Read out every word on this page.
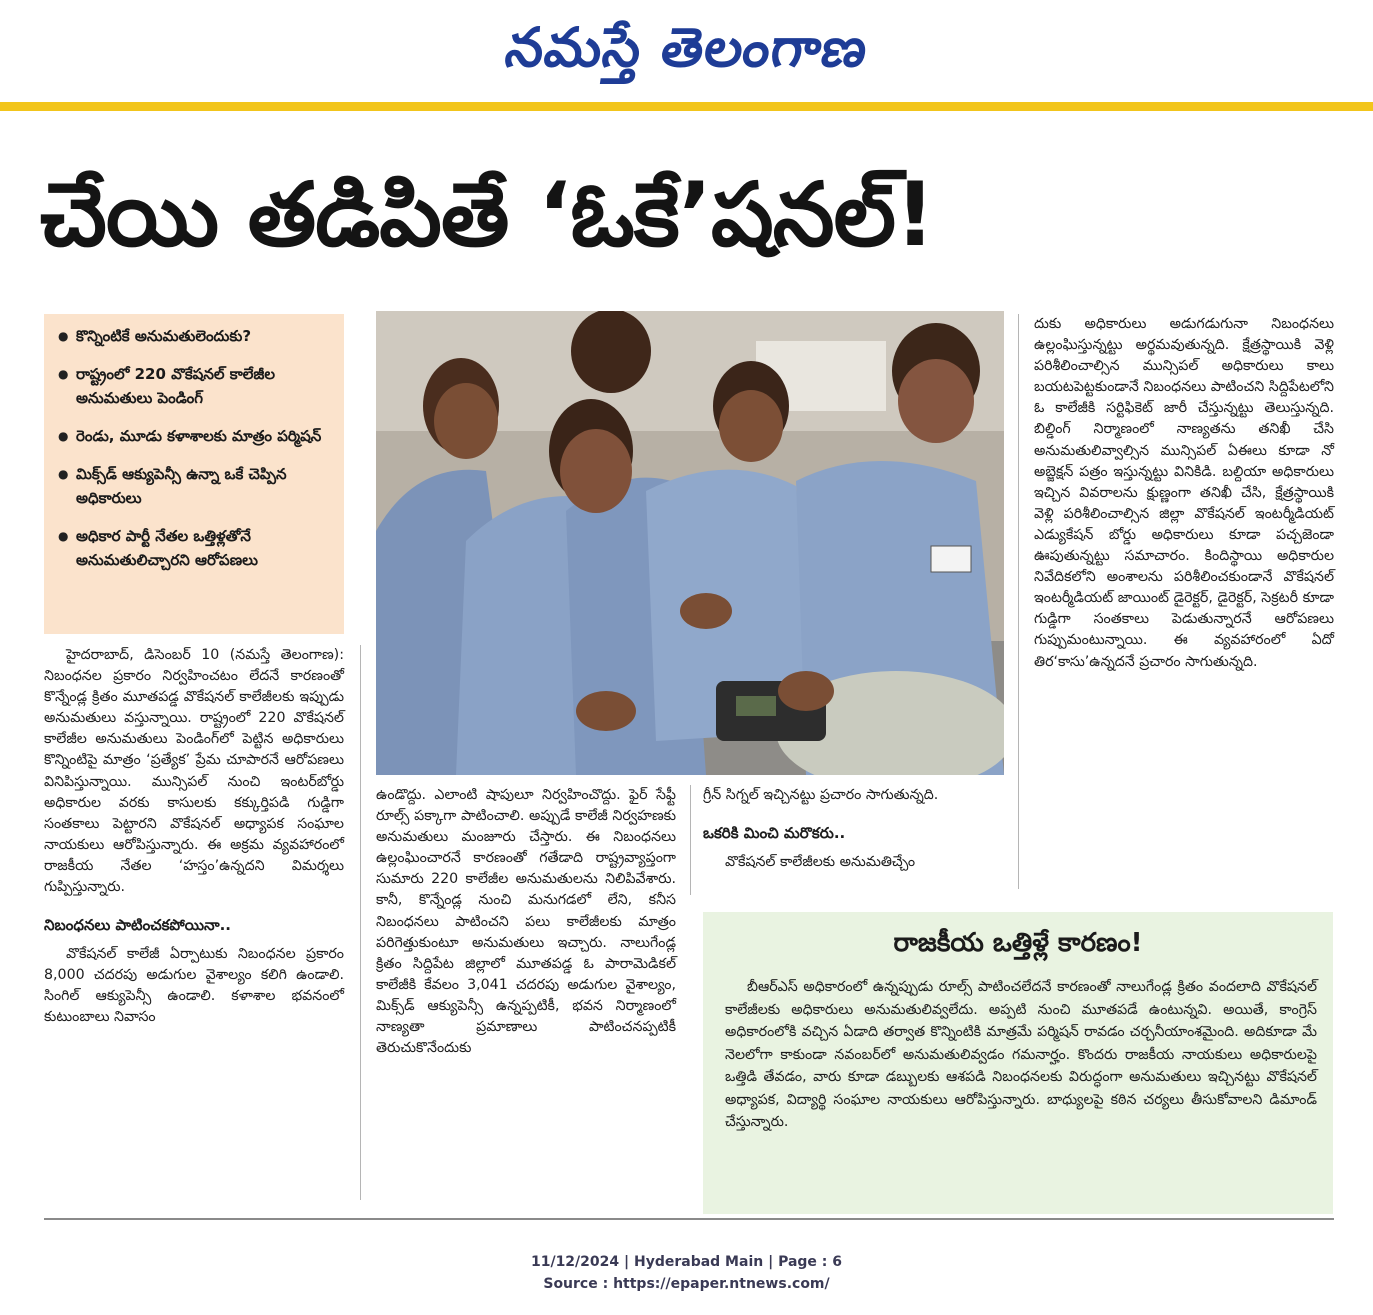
నమస్తే తెలంగాణ
చేయి తడిపితే ‘ఓకే’షనల్‌!
● కొన్నింటికే అనుమతులెందుకు?
● రాష్ట్రంలో 220 వొకేషనల్‌ కాలేజీల అనుమతులు పెండింగ్‌
● రెండు, మూడు కళాశాలకు మాత్రం పర్మిషన్‌
● మిక్స్‌డ్‌ ఆక్యుపెన్సీ ఉన్నా ఒకే చెప్పిన అధికారులు
● అధికార పార్టీ నేతల ఒత్తిళ్లతోనే అనుమతులిచ్చారని ఆరోపణలు

హైదరాబాద్‌, డిసెంబర్‌ 10 (నమస్తే తెలంగాణ): నిబంధనల ప్రకారం నిర్వహించటం లేదనే కారణంతో కొన్నేండ్ల క్రితం మూతపడ్డ వొకేషనల్‌ కాలేజీలకు ఇప్పుడు అనుమతులు వస్తున్నాయి. రాష్ట్రంలో 220 వొకేషనల్‌ కాలేజీల అనుమతులు పెండింగ్‌లో పెట్టిన అధికారులు కొన్నింటిపై మాత్రం ‘ప్రత్యేక’ ప్రేమ చూపారనే ఆరోపణలు వినిపిస్తున్నాయి. మున్సిపల్‌ నుంచి ఇంటర్‌బోర్డు అధికారుల వరకు కాసులకు కక్కుర్తిపడి గుడ్డిగా సంతకాలు పెట్టారని వొకేషనల్‌ అధ్యాపక సంఘాల నాయకులు ఆరోపిస్తున్నారు. ఈ అక్రమ వ్యవహారంలో రాజకీయ నేతల ‘హస్తం’ఉన్నదని విమర్శలు గుప్పిస్తున్నారు.

నిబంధనలు పాటించకపోయినా..

వొకేషనల్‌ కాలేజీ ఏర్పాటుకు నిబంధనల ప్రకారం 8,000 చదరపు అడుగుల వైశాల్యం కలిగి ఉండాలి. సింగిల్‌ ఆక్యుపెన్సీ ఉండాలి. కళాశాల భవనంలో కుటుంబాలు నివాసం

ఉండొద్దు. ఎలాంటి షాపులూ నిర్వహించొద్దు. ఫైర్‌ సేఫ్టీ రూల్స్‌ పక్కాగా పాటించాలి. అప్పుడే కాలేజీ నిర్వహణకు అనుమతులు మంజూరు చేస్తారు. ఈ నిబంధనలు ఉల్లంఘించారనే కారణంతో గతేడాది రాష్ట్రవ్యాప్తంగా సుమారు 220 కాలేజీల అనుమతులను నిలిపివేశారు. కానీ, కొన్నేండ్ల నుంచి మనుగడలో లేని, కనీస నిబంధనలు పాటించని పలు కాలేజీలకు మాత్రం పరిగెత్తుకుంటూ అనుమతులు ఇచ్చారు. నాలుగేండ్ల క్రితం సిద్దిపేట జిల్లాలో మూతపడ్డ ఓ పారామెడికల్‌ కాలేజీకి కేవలం 3,041 చదరపు అడుగుల వైశాల్యం, మిక్స్‌డ్‌ ఆక్యుపెన్సీ ఉన్నప్పటికీ, భవన నిర్మాణంలో నాణ్యతా ప్రమాణాలు పాటించనప్పటికీ తెరుచుకొనేందుకు

గ్రీన్‌ సిగ్నల్‌ ఇచ్చినట్టు ప్రచారం సాగుతున్నది.

ఒకరికి మించి మరొకరు..

వొకేషనల్‌ కాలేజీలకు అనుమతిచ్చేం

దుకు అధికారులు అడుగడుగునా నిబంధనలు ఉల్లంఘిస్తున్నట్టు అర్థమవుతున్నది. క్షేత్రస్థాయికి వెళ్లి పరిశీలించాల్సిన మున్సిపల్‌ అధికారులు కాలు బయటపెట్టకుండానే నిబంధనలు పాటించని సిద్దిపేటలోని ఓ కాలేజీకి సర్టిఫికెట్‌ జారీ చేస్తున్నట్టు తెలుస్తున్నది. బిల్డింగ్‌ నిర్మాణంలో నాణ్యతను తనిఖీ చేసి అనుమతులివ్వాల్సిన మున్సిపల్‌ ఏఈలు కూడా నో అబ్జెక్షన్‌ పత్రం ఇస్తున్నట్టు వినికిడి. బల్దియా అధికారులు ఇచ్చిన వివరాలను క్షుణ్ణంగా తనిఖీ చేసి, క్షేత్రస్థాయికి వెళ్లి పరిశీలించాల్సిన జిల్లా వొకేషనల్‌ ఇంటర్మీడియట్‌ ఎడ్యుకేషన్‌ బోర్డు అధికారులు కూడా పచ్చజెండా ఊపుతున్నట్టు సమాచారం. కిందిస్థాయి అధికారుల నివేదికలోని అంశాలను పరిశీలించకుండానే వొకేషనల్‌ ఇంటర్మీడియట్‌ జాయింట్‌ డైరెక్టర్‌, డైరెక్టర్‌, సెక్రటరీ కూడా గుడ్డిగా సంతకాలు పెడుతున్నారనే ఆరోపణలు గుప్పుమంటున్నాయి. ఈ వ్యవహారంలో ఏదో తిర‘కాసు’ఉన్నదనే ప్రచారం సాగుతున్నది.

రాజకీయ ఒత్తిళ్లే కారణం!
బీఆర్‌ఎస్‌ అధికారంలో ఉన్నప్పుడు రూల్స్‌ పాటించలేదనే కారణంతో నాలుగేండ్ల క్రితం వందలాది వొకేషనల్‌ కాలేజీలకు అధికారులు అనుమతులివ్వలేదు. అప్పటి నుంచి మూతపడే ఉంటున్నవి. అయితే, కాంగ్రెస్‌ అధికారంలోకి వచ్చిన ఏడాది తర్వాత కొన్నింటికి మాత్రమే పర్మిషన్‌ రావడం చర్చనీయాంశమైంది. అదికూడా మే నెలలోగా కాకుండా నవంబర్‌లో అనుమతులివ్వడం గమనార్హం. కొందరు రాజకీయ నాయకులు అధికారులపై ఒత్తిడి తేవడం, వారు కూడా డబ్బులకు ఆశపడి నిబంధనలకు విరుద్ధంగా అనుమతులు ఇచ్చినట్టు వొకేషనల్‌ అధ్యాపక, విద్యార్థి సంఘాల నాయకులు ఆరోపిస్తున్నారు. బాధ్యులపై కఠిన చర్యలు తీసుకోవాలని డిమాండ్‌ చేస్తున్నారు.
11/12/2024 | Hyderabad Main | Page : 6
Source : https://epaper.ntnews.com/
